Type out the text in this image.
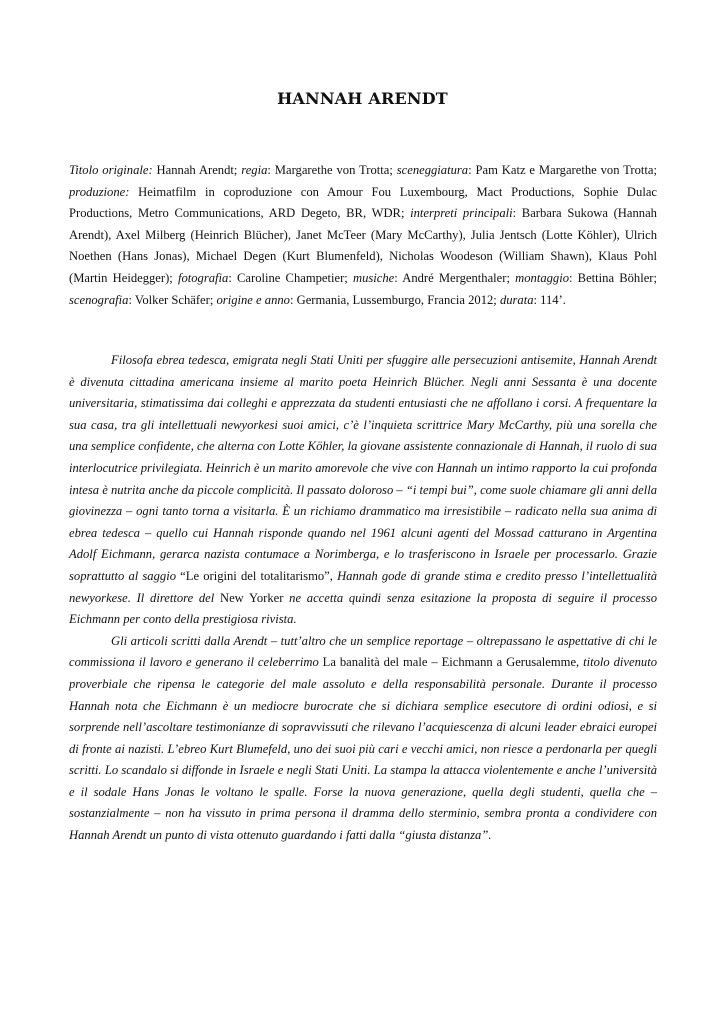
HANNAH ARENDT
Titolo originale: Hannah Arendt; regia: Margarethe von Trotta; sceneggiatura: Pam Katz e Margarethe von Trotta; produzione: Heimatfilm in coproduzione con Amour Fou Luxembourg, Mact Productions, Sophie Dulac Productions, Metro Communications, ARD Degeto, BR, WDR; interpreti principali: Barbara Sukowa (Hannah Arendt), Axel Milberg (Heinrich Blücher), Janet McTeer (Mary McCarthy), Julia Jentsch (Lotte Köhler), Ulrich Noethen (Hans Jonas), Michael Degen (Kurt Blumenfeld), Nicholas Woodeson (William Shawn), Klaus Pohl (Martin Heidegger); fotografia: Caroline Champetier; musiche: André Mergenthaler; montaggio: Bettina Böhler; scenografia: Volker Schäfer; origine e anno: Germania, Lussemburgo, Francia 2012; durata: 114’.

Filosofa ebrea tedesca, emigrata negli Stati Uniti per sfuggire alle persecuzioni antisemite, Hannah Arendt è divenuta cittadina americana insieme al marito poeta Heinrich Blücher. Negli anni Sessanta è una docente universitaria, stimatissima dai colleghi e apprezzata da studenti entusiasti che ne affollano i corsi. A frequentare la sua casa, tra gli intellettuali newyorkesi suoi amici, c’è l’inquieta scrittrice Mary McCarthy, più una sorella che una semplice confidente, che alterna con Lotte Köhler, la giovane assistente connazionale di Hannah, il ruolo di sua interlocutrice privilegiata. Heinrich è un marito amorevole che vive con Hannah un intimo rapporto la cui profonda intesa è nutrita anche da piccole complicità. Il passato doloroso – “i tempi bui”, come suole chiamare gli anni della giovinezza – ogni tanto torna a visitarla. È un richiamo drammatico ma irresistibile – radicato nella sua anima di ebrea tedesca – quello cui Hannah risponde quando nel 1961 alcuni agenti del Mossad catturano in Argentina Adolf Eichmann, gerarca nazista contumace a Norimberga, e lo trasferiscono in Israele per processarlo. Grazie soprattutto al saggio “Le origini del totalitarismo”, Hannah gode di grande stima e credito presso l’intellettualità newyorkese. Il direttore del New Yorker ne accetta quindi senza esitazione la proposta di seguire il processo Eichmann per conto della prestigiosa rivista.

Gli articoli scritti dalla Arendt – tutt’altro che un semplice reportage – oltrepassano le aspettative di chi le commissiona il lavoro e generano il celeberrimo La banalità del male – Eichmann a Gerusalemme, titolo divenuto proverbiale che ripensa le categorie del male assoluto e della responsabilità personale. Durante il processo Hannah nota che Eichmann è un mediocre burocrate che si dichiara semplice esecutore di ordini odiosi, e si sorprende nell’ascoltare testimonianze di sopravvissuti che rilevano l’acquiescenza di alcuni leader ebraici europei di fronte ai nazisti. L’ebreo Kurt Blumefeld, uno dei suoi più cari e vecchi amici, non riesce a perdonarla per quegli scritti. Lo scandalo si diffonde in Israele e negli Stati Uniti. La stampa la attacca violentemente e anche l’università e il sodale Hans Jonas le voltano le spalle. Forse la nuova generazione, quella degli studenti, quella che – sostanzialmente – non ha vissuto in prima persona il dramma dello sterminio, sembra pronta a condividere con Hannah Arendt un punto di vista ottenuto guardando i fatti dalla “giusta distanza”.
